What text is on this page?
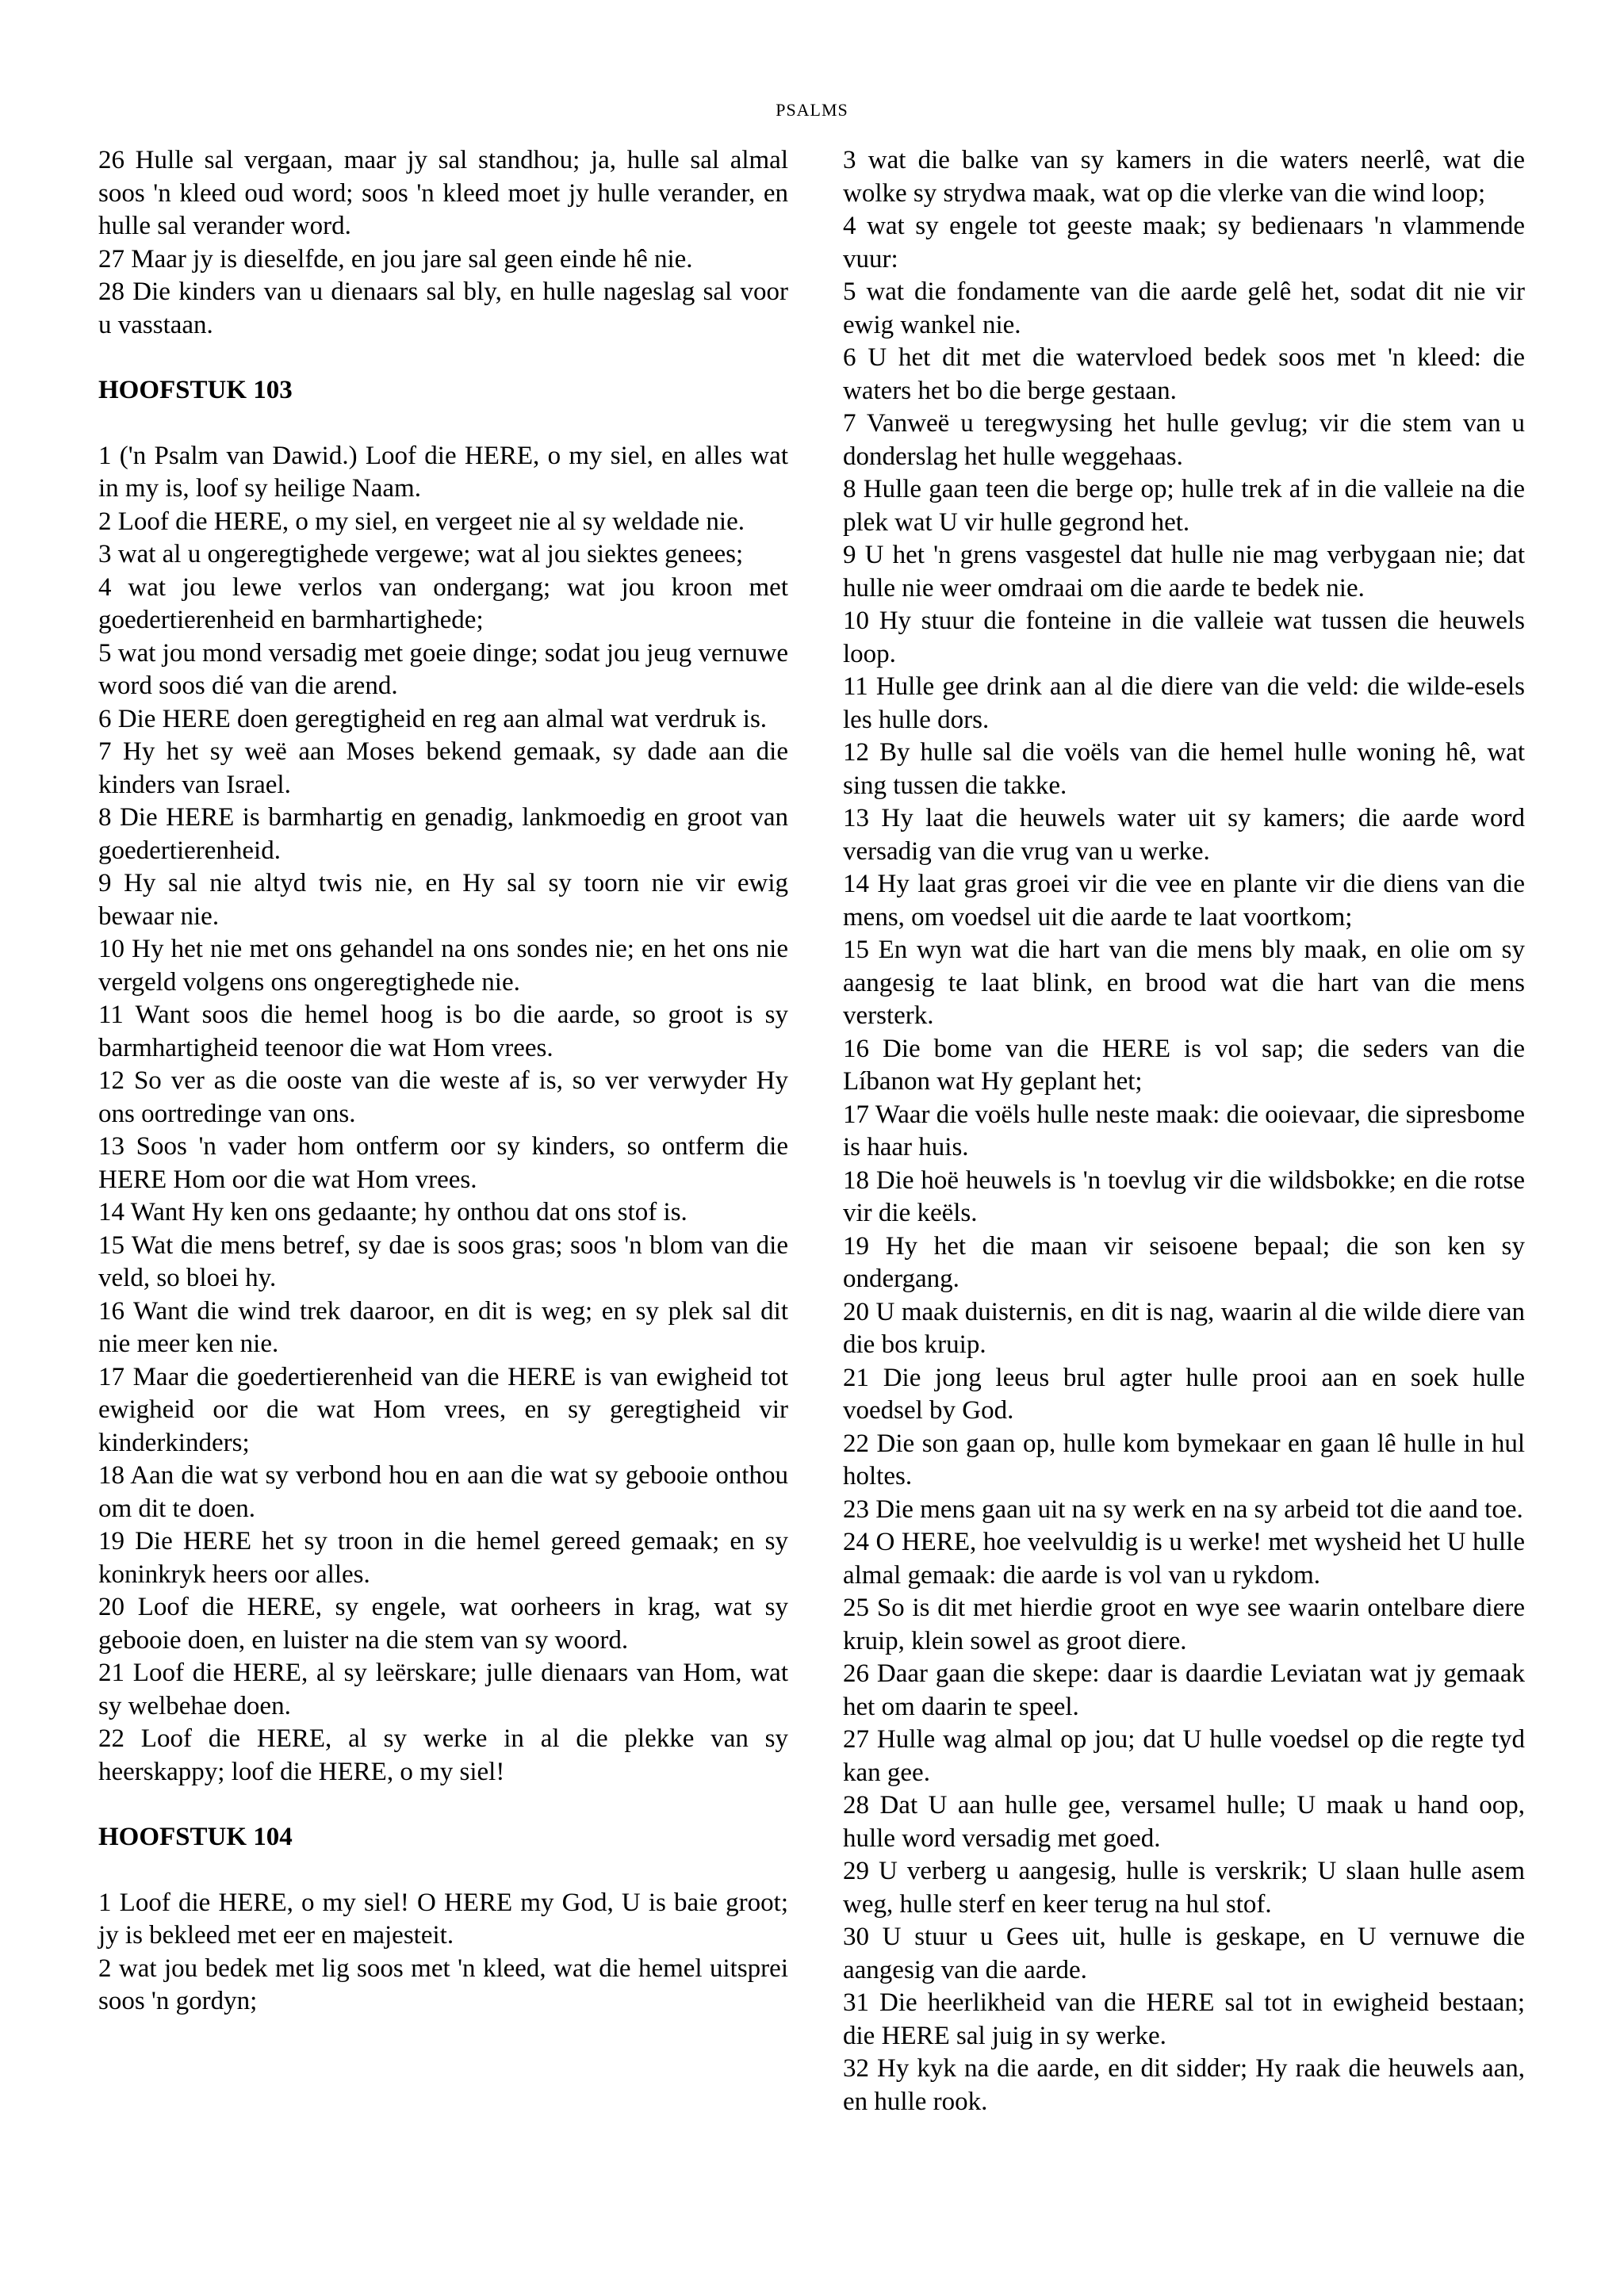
PSALMS

26 Hulle sal vergaan, maar jy sal standhou; ja, hulle sal almal soos 'n kleed oud word; soos 'n kleed moet jy hulle verander, en hulle sal verander word.

27 Maar jy is dieselfde, en jou jare sal geen einde hê nie.

28 Die kinders van u dienaars sal bly, en hulle nageslag sal voor u vasstaan.

HOOFSTUK 103

1 ('n Psalm van Dawid.) Loof die HERE, o my siel, en alles wat in my is, loof sy heilige Naam.

2 Loof die HERE, o my siel, en vergeet nie al sy weldade nie.

3 wat al u ongeregtighede vergewe; wat al jou siektes genees;

4 wat jou lewe verlos van ondergang; wat jou kroon met goedertierenheid en barmhartighede;

5 wat jou mond versadig met goeie dinge; sodat jou jeug vernuwe word soos dié van die arend.

6 Die HERE doen geregtigheid en reg aan almal wat verdruk is.

7 Hy het sy weë aan Moses bekend gemaak, sy dade aan die kinders van Israel.

8 Die HERE is barmhartig en genadig, lankmoedig en groot van goedertierenheid.

9 Hy sal nie altyd twis nie, en Hy sal sy toorn nie vir ewig bewaar nie.

10 Hy het nie met ons gehandel na ons sondes nie; en het ons nie vergeld volgens ons ongeregtighede nie.

11 Want soos die hemel hoog is bo die aarde, so groot is sy barmhartigheid teenoor die wat Hom vrees.

12 So ver as die ooste van die weste af is, so ver verwyder Hy ons oortredinge van ons.

13 Soos 'n vader hom ontferm oor sy kinders, so ontferm die HERE Hom oor die wat Hom vrees.

14 Want Hy ken ons gedaante; hy onthou dat ons stof is.

15 Wat die mens betref, sy dae is soos gras; soos 'n blom van die veld, so bloei hy.

16 Want die wind trek daaroor, en dit is weg; en sy plek sal dit nie meer ken nie.

17 Maar die goedertierenheid van die HERE is van ewigheid tot ewigheid oor die wat Hom vrees, en sy geregtigheid vir kinderkinders;

18 Aan die wat sy verbond hou en aan die wat sy gebooie onthou om dit te doen.

19 Die HERE het sy troon in die hemel gereed gemaak; en sy koninkryk heers oor alles.

20 Loof die HERE, sy engele, wat oorheers in krag, wat sy gebooie doen, en luister na die stem van sy woord.

21 Loof die HERE, al sy leërskare; julle dienaars van Hom, wat sy welbehae doen.

22 Loof die HERE, al sy werke in al die plekke van sy heerskappy; loof die HERE, o my siel!

HOOFSTUK 104

1 Loof die HERE, o my siel! O HERE my God, U is baie groot; jy is bekleed met eer en majesteit.

2 wat jou bedek met lig soos met 'n kleed, wat die hemel uitsprei soos 'n gordyn;

3 wat die balke van sy kamers in die waters neerlê, wat die wolke sy strydwa maak, wat op die vlerke van die wind loop;

4 wat sy engele tot geeste maak; sy bedienaars 'n vlammende vuur:

5 wat die fondamente van die aarde gelê het, sodat dit nie vir ewig wankel nie.

6 U het dit met die watervloed bedek soos met 'n kleed: die waters het bo die berge gestaan.

7 Vanweë u teregwysing het hulle gevlug; vir die stem van u donderslag het hulle weggehaas.

8 Hulle gaan teen die berge op; hulle trek af in die valleie na die plek wat U vir hulle gegrond het.

9 U het 'n grens vasgestel dat hulle nie mag verbygaan nie; dat hulle nie weer omdraai om die aarde te bedek nie.

10 Hy stuur die fonteine in die valleie wat tussen die heuwels loop.

11 Hulle gee drink aan al die diere van die veld: die wilde-esels les hulle dors.

12 By hulle sal die voëls van die hemel hulle woning hê, wat sing tussen die takke.

13 Hy laat die heuwels water uit sy kamers; die aarde word versadig van die vrug van u werke.

14 Hy laat gras groei vir die vee en plante vir die diens van die mens, om voedsel uit die aarde te laat voortkom;

15 En wyn wat die hart van die mens bly maak, en olie om sy aangesig te laat blink, en brood wat die hart van die mens versterk.

16 Die bome van die HERE is vol sap; die seders van die Líbanon wat Hy geplant het;

17 Waar die voëls hulle neste maak: die ooievaar, die sipresbome is haar huis.

18 Die hoë heuwels is 'n toevlug vir die wildsbokke; en die rotse vir die keëls.

19 Hy het die maan vir seisoene bepaal; die son ken sy ondergang.

20 U maak duisternis, en dit is nag, waarin al die wilde diere van die bos kruip.

21 Die jong leeus brul agter hulle prooi aan en soek hulle voedsel by God.

22 Die son gaan op, hulle kom bymekaar en gaan lê hulle in hul holtes.

23 Die mens gaan uit na sy werk en na sy arbeid tot die aand toe.

24 O HERE, hoe veelvuldig is u werke! met wysheid het U hulle almal gemaak: die aarde is vol van u rykdom.

25 So is dit met hierdie groot en wye see waarin ontelbare diere kruip, klein sowel as groot diere.

26 Daar gaan die skepe: daar is daardie Leviatan wat jy gemaak het om daarin te speel.

27 Hulle wag almal op jou; dat U hulle voedsel op die regte tyd kan gee.

28 Dat U aan hulle gee, versamel hulle; U maak u hand oop, hulle word versadig met goed.

29 U verberg u aangesig, hulle is verskrik; U slaan hulle asem weg, hulle sterf en keer terug na hul stof.

30 U stuur u Gees uit, hulle is geskape, en U vernuwe die aangesig van die aarde.

31 Die heerlikheid van die HERE sal tot in ewigheid bestaan; die HERE sal juig in sy werke.

32 Hy kyk na die aarde, en dit sidder; Hy raak die heuwels aan, en hulle rook.
